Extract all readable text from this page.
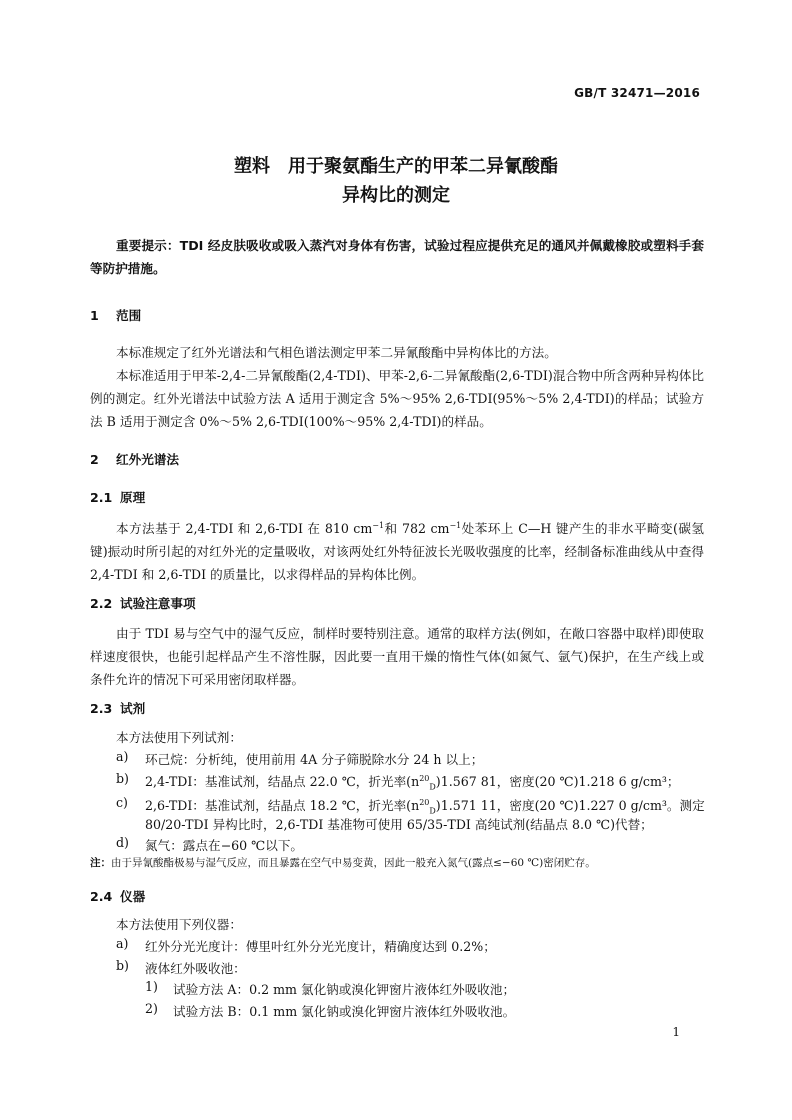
GB/T 32471—2016
塑料　用于聚氨酯生产的甲苯二异氰酸酯
异构比的测定
重要提示：TDI 经皮肤吸收或吸入蒸汽对身体有伤害，试验过程应提供充足的通风并佩戴橡胶或塑料手套等防护措施。
1 范围
本标准规定了红外光谱法和气相色谱法测定甲苯二异氰酸酯中异构体比的方法。
本标准适用于甲苯-2,4-二异氰酸酯(2,4-TDI)、甲苯-2,6-二异氰酸酯(2,6-TDI)混合物中所含两种异构体比例的测定。红外光谱法中试验方法 A 适用于测定含 5%～95% 2,6-TDI(95%～5% 2,4-TDI)的样品；试验方法 B 适用于测定含 0%～5% 2,6-TDI(100%～95% 2,4-TDI)的样品。
2 红外光谱法
2.1 原理
本方法基于 2,4-TDI 和 2,6-TDI 在 810 $cm^{-1}$和 782 $cm^{-1}$处苯环上 C—H 键产生的非水平畸变(碳氢键)振动时所引起的对红外光的定量吸收，对该两处红外特征波长光吸收强度的比率，经制备标准曲线从中查得 2,4-TDI 和 2,6-TDI 的质量比，以求得样品的异构体比例。
2.2 试验注意事项
由于 TDI 易与空气中的湿气反应，制样时要特别注意。通常的取样方法(例如，在敞口容器中取样)即使取样速度很快，也能引起样品产生不溶性脲，因此要一直用干燥的惰性气体(如氮气、氩气)保护，在生产线上或条件允许的情况下可采用密闭取样器。
2.3 试剂
本方法使用下列试剂：
a) 环己烷：分析纯，使用前用 4A 分子筛脱除水分 24 h 以上；
b) 2,4-TDI：基准试剂，结晶点 22.0 ℃，折光率$(n^{20}_D)1.567$ 81，密度(20 ℃)1.218 6 g/cm³；
c) 2,6-TDI：基准试剂，结晶点 18.2 ℃，折光率$(n^{20}_D)1.571$ 11，密度(20 ℃)1.227 0 g/cm³。测定
80/20-TDI 异构比时，2,6-TDI 基准物可使用 65/35-TDI 高纯试剂(结晶点 8.0 ℃)代替；
d) 氮气：露点在−60 ℃以下。
注：由于异氰酸酯极易与湿气反应，而且暴露在空气中易变黄，因此一般充入氮气(露点≤−60 ℃)密闭贮存。
2.4 仪器
本方法使用下列仪器：
a) 红外分光光度计：傅里叶红外分光光度计，精确度达到 0.2%；
b) 液体红外吸收池：
1) 试验方法 A：0.2 mm 氯化钠或溴化钾窗片液体红外吸收池；
2) 试验方法 B：0.1 mm 氯化钠或溴化钾窗片液体红外吸收池。
1
